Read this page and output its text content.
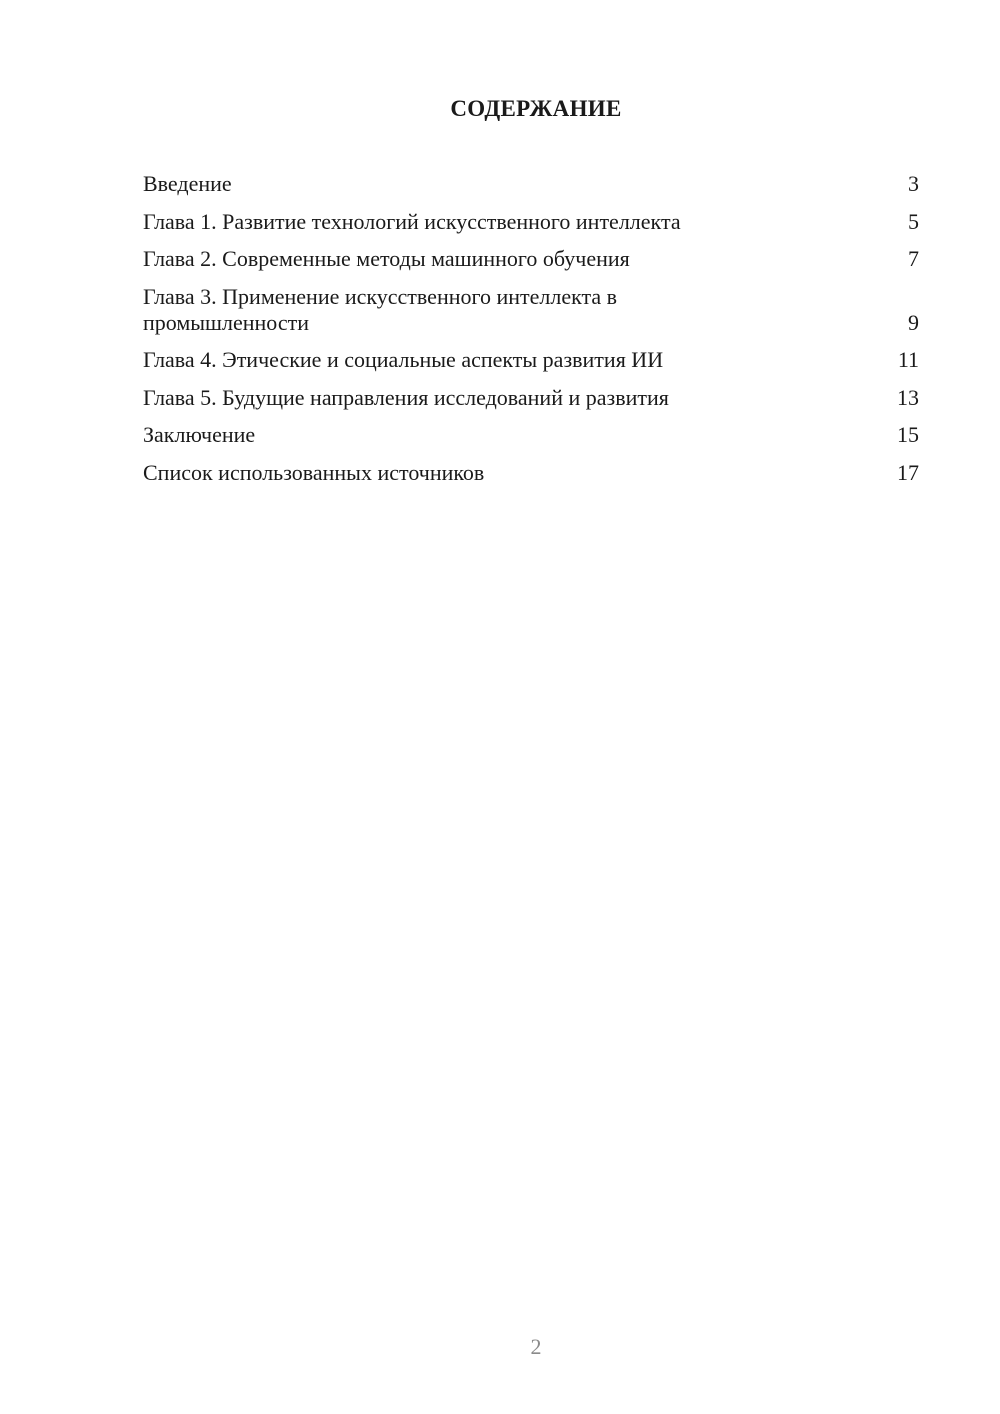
СОДЕРЖАНИЕ
Введение	3
Глава 1. Развитие технологий искусственного интеллекта	5
Глава 2. Современные методы машинного обучения	7
Глава 3. Применение искусственного интеллекта в промышленности	9
Глава 4. Этические и социальные аспекты развития ИИ	11
Глава 5. Будущие направления исследований и развития	13
Заключение	15
Список использованных источников	17
2
